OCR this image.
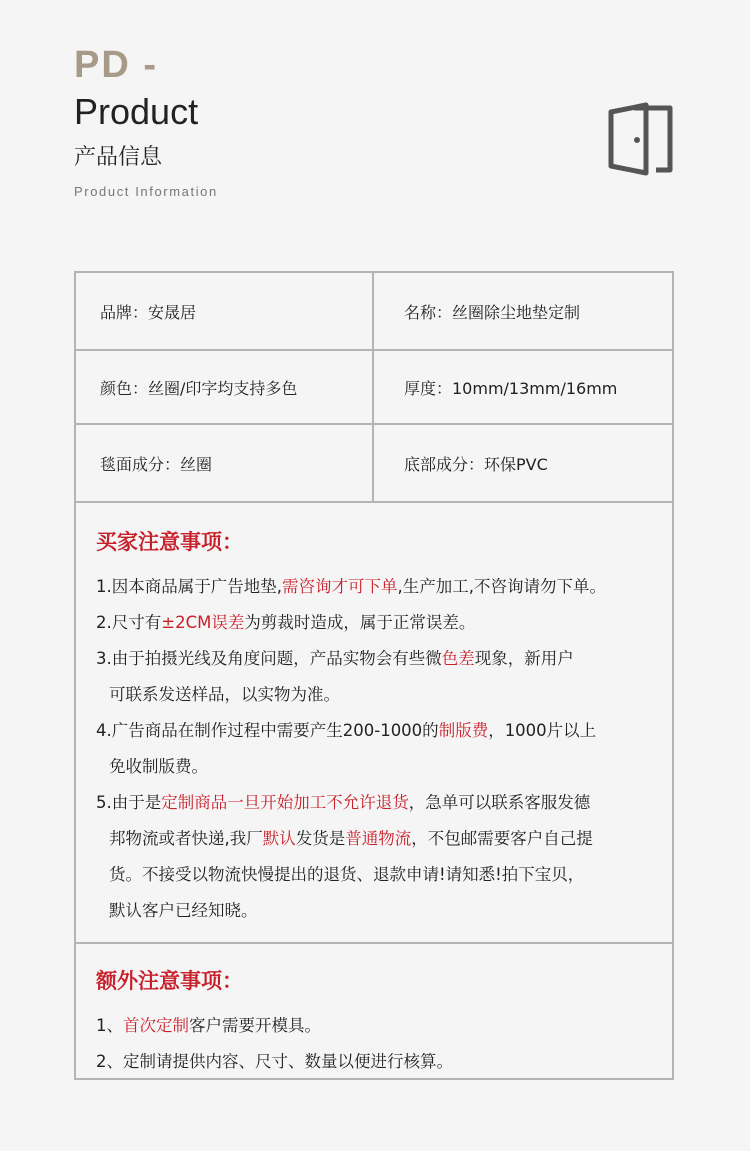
PD -
Product
产品信息
Product Information
品牌：安晟居	名称：丝圈除尘地垫定制
颜色：丝圈/印字均支持多色	厚度：10mm/13mm/16mm
毯面成分：丝圈	底部成分：环保PVC
买家注意事项：
1.因本商品属于广告地垫,需咨询才可下单,生产加工,不咨询请勿下单。
2.尺寸有±2CM误差为剪裁时造成，属于正常误差。
3.由于拍摄光线及角度问题，产品实物会有些微色差现象，新用户
可联系发送样品，以实物为准。
4.广告商品在制作过程中需要产生200-1000的制版费，1000片以上
免收制版费。
5.由于是定制商品一旦开始加工不允许退货，急单可以联系客服发德
邦物流或者快递,我厂默认发货是普通物流，不包邮需要客户自己提
货。不接受以物流快慢提出的退货、退款申请!请知悉!拍下宝贝，
默认客户已经知晓。
额外注意事项：
1、首次定制客户需要开模具。
2、定制请提供内容、尺寸、数量以便进行核算。
